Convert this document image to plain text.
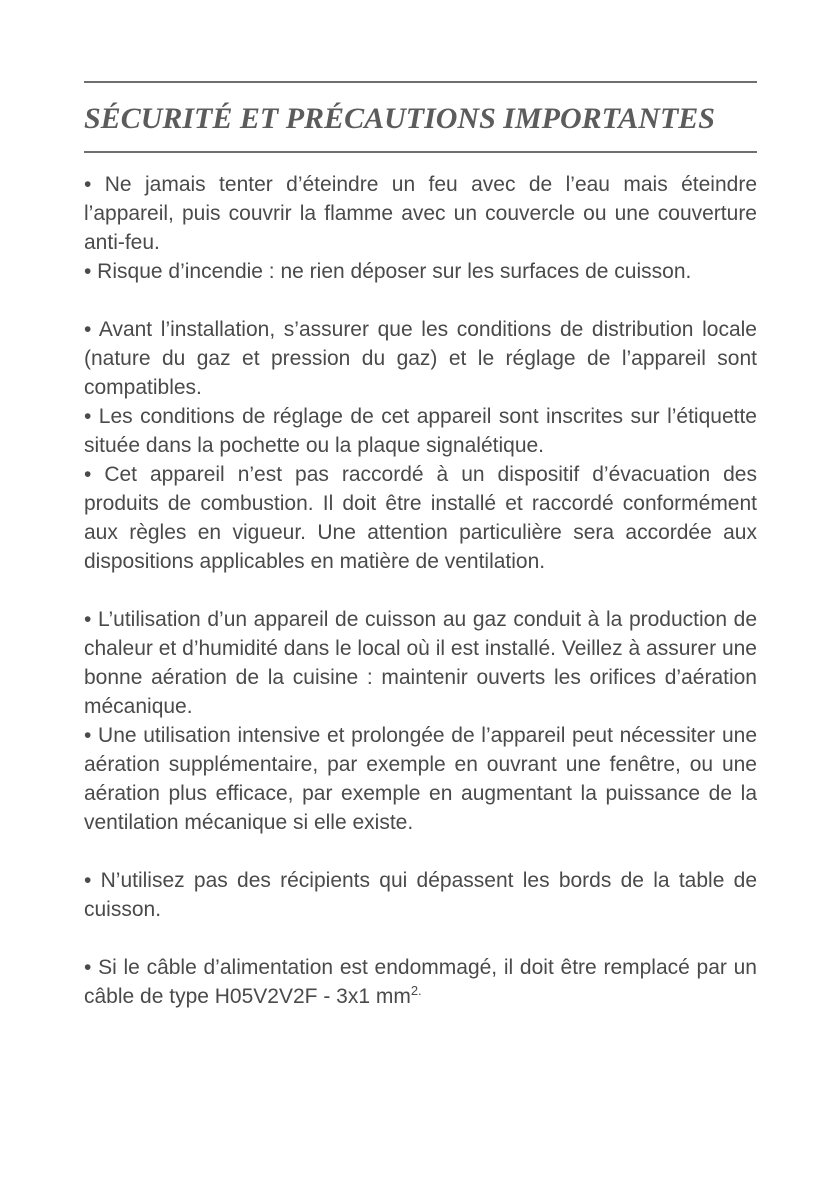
SÉCURITÉ ET PRÉCAUTIONS IMPORTANTES

• Ne jamais tenter d’éteindre un feu avec de l’eau mais éteindre l’appareil, puis couvrir la flamme avec un couvercle ou une couverture anti-feu.

• Risque d’incendie : ne rien déposer sur les surfaces de cuisson.

• Avant l’installation, s’assurer que les conditions de distribution locale (nature du gaz et pression du gaz) et le réglage de l’appareil sont compatibles.

• Les conditions de réglage de cet appareil sont inscrites sur l’étiquette située dans la pochette ou la plaque signalétique.

• Cet appareil n’est pas raccordé à un dispositif d’évacuation des produits de combustion. Il doit être installé et raccordé conformément aux règles en vigueur. Une attention particulière sera accordée aux dispositions applicables en matière de ventilation.

• L’utilisation d’un appareil de cuisson au gaz conduit à la production de chaleur et d’humidité dans le local où il est installé. Veillez à assurer une bonne aération de la cuisine : maintenir ouverts les orifices d’aération mécanique.

• Une utilisation intensive et prolongée de l’appareil peut nécessiter une aération supplémentaire, par exemple en ouvrant une fenêtre, ou une aération plus efficace, par exemple en augmentant la puissance de la ventilation mécanique si elle existe.

• N’utilisez pas des récipients qui dépassent les bords de la table de cuisson.

• Si le câble d’alimentation est endommagé, il doit être remplacé par un câble de type H05V2V2F - 3x1 $mm^{2.}$
